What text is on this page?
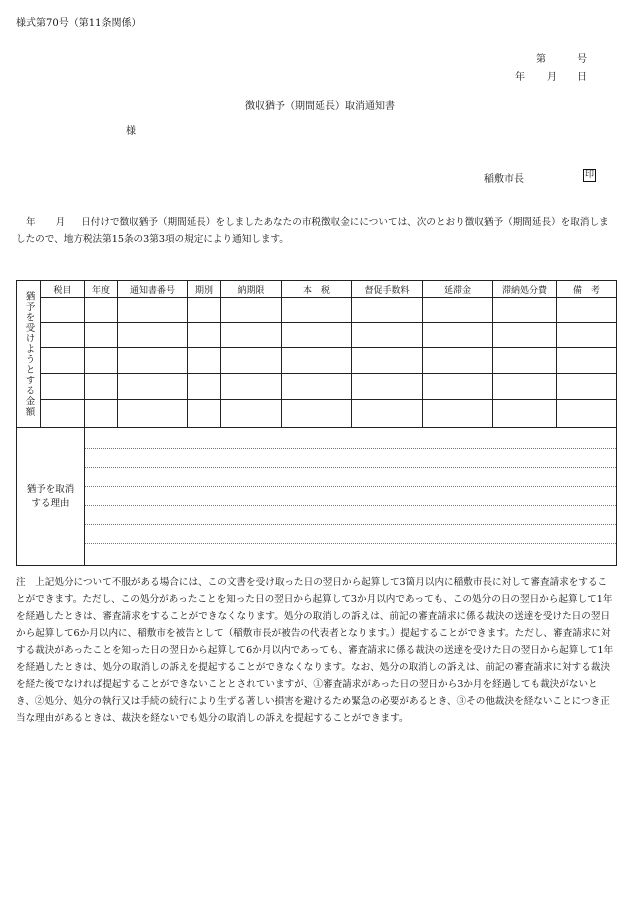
様式第70号（第11条関係）
第	号
年 月 日
徴収猶予（期間延長）取消通知書
様
稲敷市長	印
年 月 日付けで徴収猶予（期間延長）をしましたあなたの市税徴収金にについては、次のとおり徴収猶予（期間延長）を取消しましたので、地方税法第15条の3第3項の規定により通知します。
猶予を受けようとする金額	税目	年度	通知書番号	期別	納期限	本　税	督促手数料	延滞金	滞納処分費	備　考

猶予を取消する理由										

注　上記処分について不服がある場合には、この文書を受け取った日の翌日から起算して3箇月以内に稲敷市長に対して審査請求をすることができます。ただし、この処分があったことを知った日の翌日から起算して3か月以内であっても、この処分の日の翌日から起算して1年を経過したときは、審査請求をすることができなくなります。処分の取消しの訴えは、前記の審査請求に係る裁決の送達を受けた日の翌日から起算して6か月以内に、稲敷市を被告として（稲敷市長が被告の代表者となります。）提起することができます。ただし、審査請求に対する裁決があったことを知った日の翌日から起算して6か月以内であっても、審査請求に係る裁決の送達を受けた日の翌日から起算して1年を経過したときは、処分の取消しの訴えを提起することができなくなります。なお、処分の取消しの訴えは、前記の審査請求に対する裁決を経た後でなければ提起することができないこととされていますが、①審査請求があった日の翌日から3か月を経過しても裁決がないとき、②処分、処分の執行又は手続の続行により生ずる著しい損害を避けるため緊急の必要があるとき、③その他裁決を経ないことにつき正当な理由があるときは、裁決を経ないでも処分の取消しの訴えを提起することができます。
